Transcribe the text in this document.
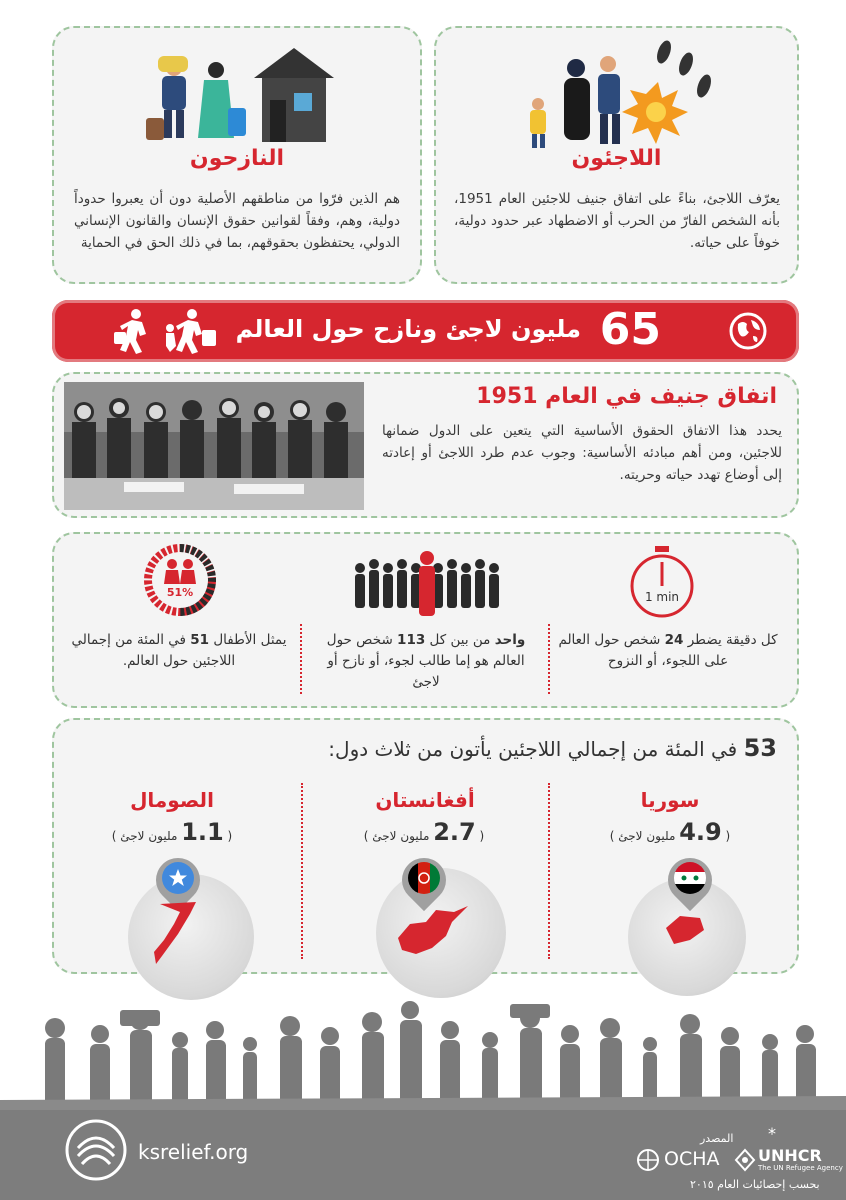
النازحون
هم الذين فرّوا من مناطقهم الأصلية دون أن يعبروا حدوداً دولية، وهم، وفقاً لقوانين حقوق الإنسان والقانون الإنساني الدولي، يحتفظون بحقوقهم، بما في ذلك الحق في الحماية
اللاجئون
يعرّف اللاجئ، بناءً على اتفاق جنيف للاجئين العام 1951، بأنه الشخص الفارّ من الحرب أو الاضطهاد عبر حدود دولية، خوفاً على حياته.
65
مليون لاجئ ونازح حول العالم
اتفاق جنيف في العام 1951
يحدد هذا الاتفاق الحقوق الأساسية التي يتعين على الدول ضمانها للاجئين، ومن أهم مبادئه الأساسية: وجوب عدم طرد اللاجئ أو إعادته إلى أوضاع تهدد حياته وحريته.
1 min
كل دقيقة يضطر 24 شخص حول العالم على اللجوء، أو النزوح
واحد من بين كل 113 شخص حول العالم هو إما طالب لجوء، أو نازح أو لاجئ
51%
يمثل الأطفال 51 في المئة من إجمالي اللاجئين حول العالم.
53 في المئة من إجمالي اللاجئين يأتون من ثلاث دول:
سوريا
( 4.9 مليون لاجئ )
أفغانستان
( 2.7 مليون لاجئ )
الصومال
( 1.1 مليون لاجئ )
ksrelief.org
المصدر *
OCHA UNHCR
The UN Refugee Agency
بحسب إحصائيات العام ٢٠١٥
